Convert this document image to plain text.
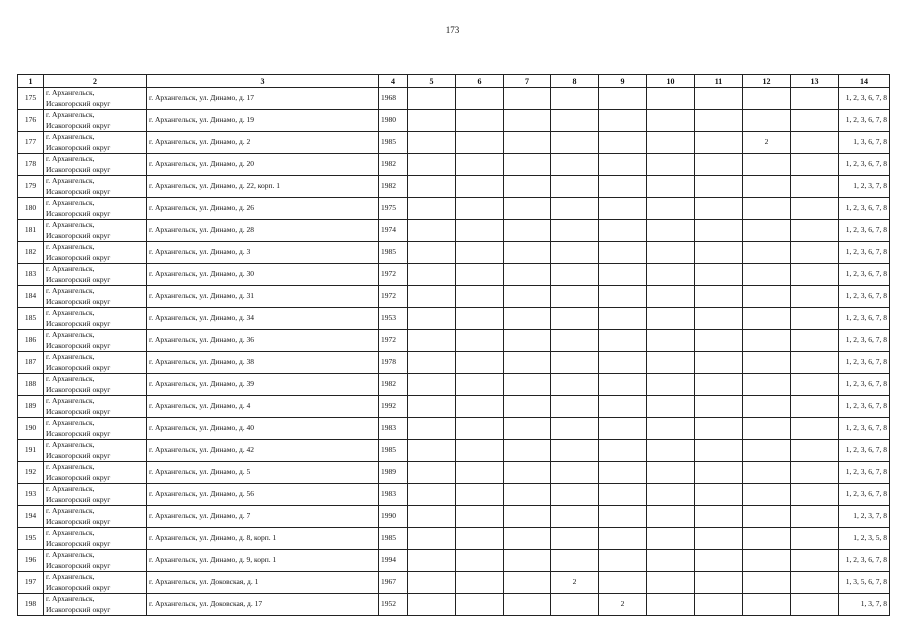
173
1	2	3	4	5	6	7	8	9	10	11	12	13	14
175	г. Архангельск,
Исакогорский округ	г. Архангельск, ул. Динамо, д. 17	1968										1, 2, 3, 6, 7, 8
176	г. Архангельск,
Исакогорский округ	г. Архангельск, ул. Динамо, д. 19	1980										1, 2, 3, 6, 7, 8
177	г. Архангельск,
Исакогорский округ	г. Архангельск, ул. Динамо, д. 2	1985								2		1, 3, 6, 7, 8
178	г. Архангельск,
Исакогорский округ	г. Архангельск, ул. Динамо, д. 20	1982										1, 2, 3, 6, 7, 8
179	г. Архангельск,
Исакогорский округ	г. Архангельск, ул. Динамо, д. 22, корп. 1	1982										1, 2, 3, 7, 8
180	г. Архангельск,
Исакогорский округ	г. Архангельск, ул. Динамо, д. 26	1975										1, 2, 3, 6, 7, 8
181	г. Архангельск,
Исакогорский округ	г. Архангельск, ул. Динамо, д. 28	1974										1, 2, 3, 6, 7, 8
182	г. Архангельск,
Исакогорский округ	г. Архангельск, ул. Динамо, д. 3	1985										1, 2, 3, 6, 7, 8
183	г. Архангельск,
Исакогорский округ	г. Архангельск, ул. Динамо, д. 30	1972										1, 2, 3, 6, 7, 8
184	г. Архангельск,
Исакогорский округ	г. Архангельск, ул. Динамо, д. 31	1972										1, 2, 3, 6, 7, 8
185	г. Архангельск,
Исакогорский округ	г. Архангельск, ул. Динамо, д. 34	1953										1, 2, 3, 6, 7, 8
186	г. Архангельск,
Исакогорский округ	г. Архангельск, ул. Динамо, д. 36	1972										1, 2, 3, 6, 7, 8
187	г. Архангельск,
Исакогорский округ	г. Архангельск, ул. Динамо, д. 38	1978										1, 2, 3, 6, 7, 8
188	г. Архангельск,
Исакогорский округ	г. Архангельск, ул. Динамо, д. 39	1982										1, 2, 3, 6, 7, 8
189	г. Архангельск,
Исакогорский округ	г. Архангельск, ул. Динамо, д. 4	1992										1, 2, 3, 6, 7, 8
190	г. Архангельск,
Исакогорский округ	г. Архангельск, ул. Динамо, д. 40	1983										1, 2, 3, 6, 7, 8
191	г. Архангельск,
Исакогорский округ	г. Архангельск, ул. Динамо, д. 42	1985										1, 2, 3, 6, 7, 8
192	г. Архангельск,
Исакогорский округ	г. Архангельск, ул. Динамо, д. 5	1989										1, 2, 3, 6, 7, 8
193	г. Архангельск,
Исакогорский округ	г. Архангельск, ул. Динамо, д. 56	1983										1, 2, 3, 6, 7, 8
194	г. Архангельск,
Исакогорский округ	г. Архангельск, ул. Динамо, д. 7	1990										1, 2, 3, 7, 8
195	г. Архангельск,
Исакогорский округ	г. Архангельск, ул. Динамо, д. 8, корп. 1	1985										1, 2, 3, 5, 8
196	г. Архангельск,
Исакогорский округ	г. Архангельск, ул. Динамо, д. 9, корп. 1	1994										1, 2, 3, 6, 7, 8
197	г. Архангельск,
Исакогорский округ	г. Архангельск, ул. Доковская, д. 1	1967				2						1, 3, 5, 6, 7, 8
198	г. Архангельск,
Исакогорский округ	г. Архангельск, ул. Доковская, д. 17	1952					2					1, 3, 7, 8
